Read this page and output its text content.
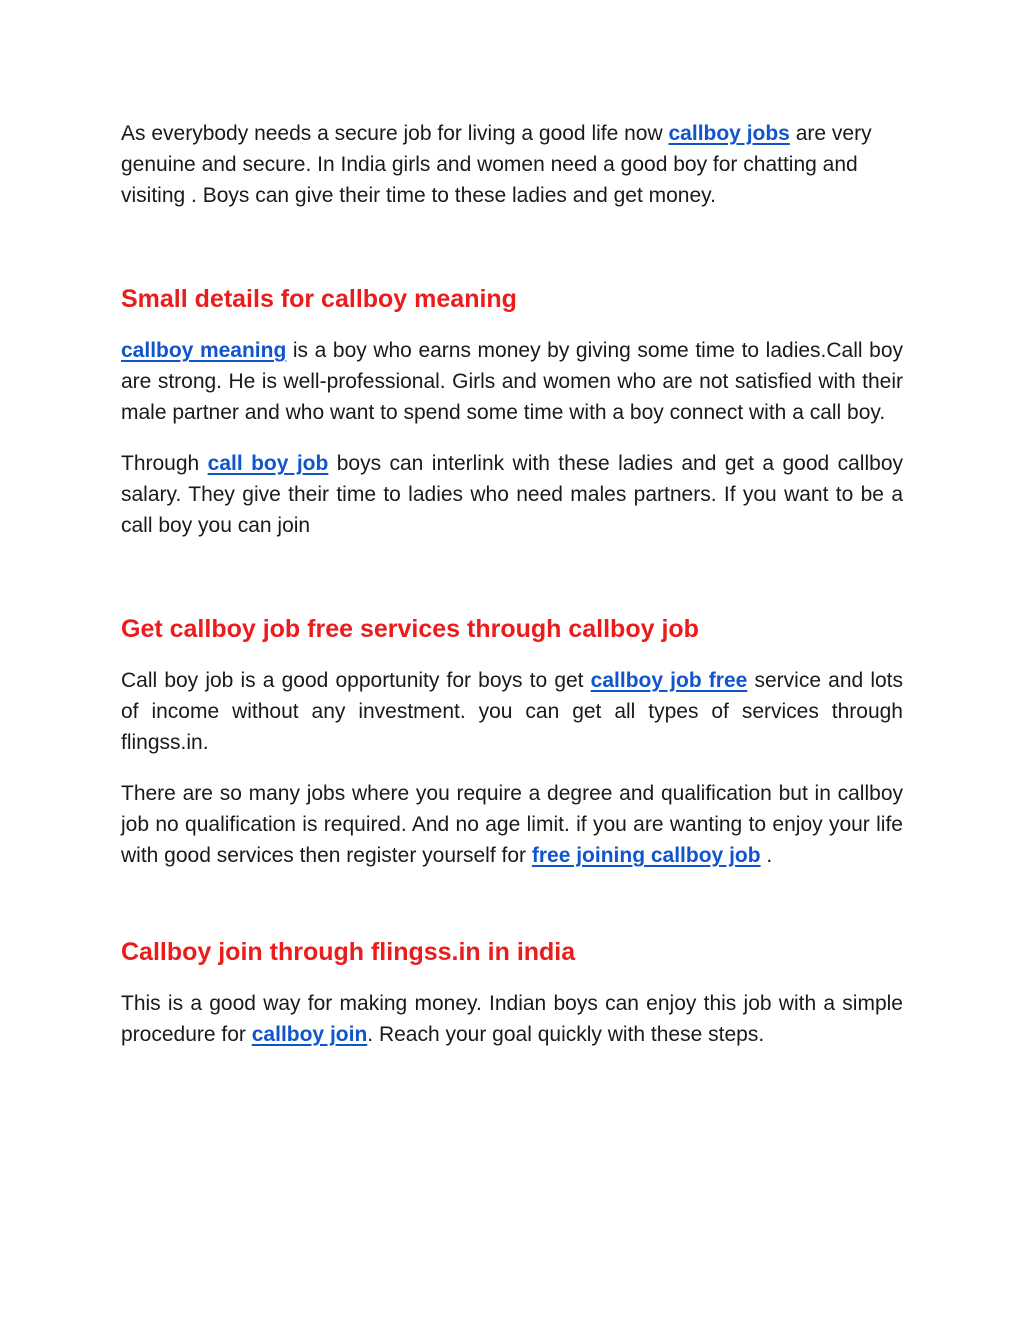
As everybody needs a secure job for living a good life now callboy jobs are very genuine and secure. In India girls and women need a good boy for chatting and visiting . Boys can give their time to these ladies and get money.

Small details for callboy meaning

callboy meaning is a boy who earns money by giving some time to ladies.Call boy are strong. He is well-professional. Girls and women who are not satisfied with their male partner and who want to spend some time with a boy connect with a call boy.

Through call boy job boys can interlink with these ladies and get a good callboy salary. They give their time to ladies who need males partners. If you want to be a call boy you can join

Get callboy job free services through callboy job

Call boy job is a good opportunity for boys to get callboy job free service and lots of income without any investment. you can get all types of services through flingss.in.

There are so many jobs where you require a degree and qualification but in callboy job no qualification is required. And no age limit. if you are wanting to enjoy your life with good services then register yourself for free joining callboy job .

Callboy join through flingss.in in india

This is a good way for making money. Indian boys can enjoy this job with a simple procedure for callboy join. Reach your goal quickly with these steps.
